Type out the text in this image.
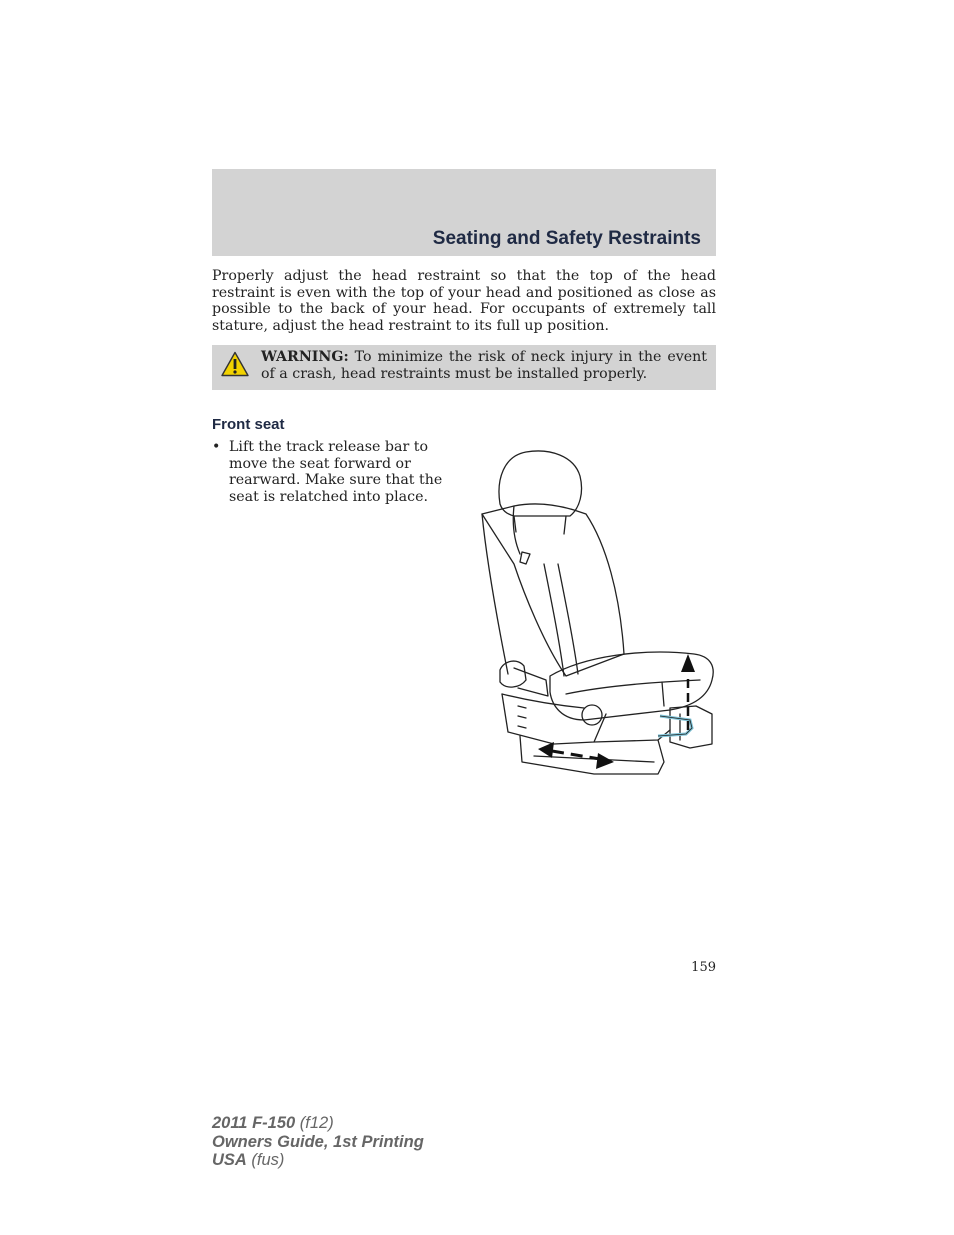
Seating and Safety Restraints

Properly adjust the head restraint so that the top of the head restraint is even with the top of your head and positioned as close as possible to the back of your head. For occupants of extremely tall stature, adjust the head restraint to its full up position.

WARNING: To minimize the risk of neck injury in the event of a crash, head restraints must be installed properly.

Front seat
• Lift the track release bar to move the seat forward or rearward. Make sure that the seat is relatched into place.

159

2011 F-150 (f12)
Owners Guide, 1st Printing
USA (fus)
